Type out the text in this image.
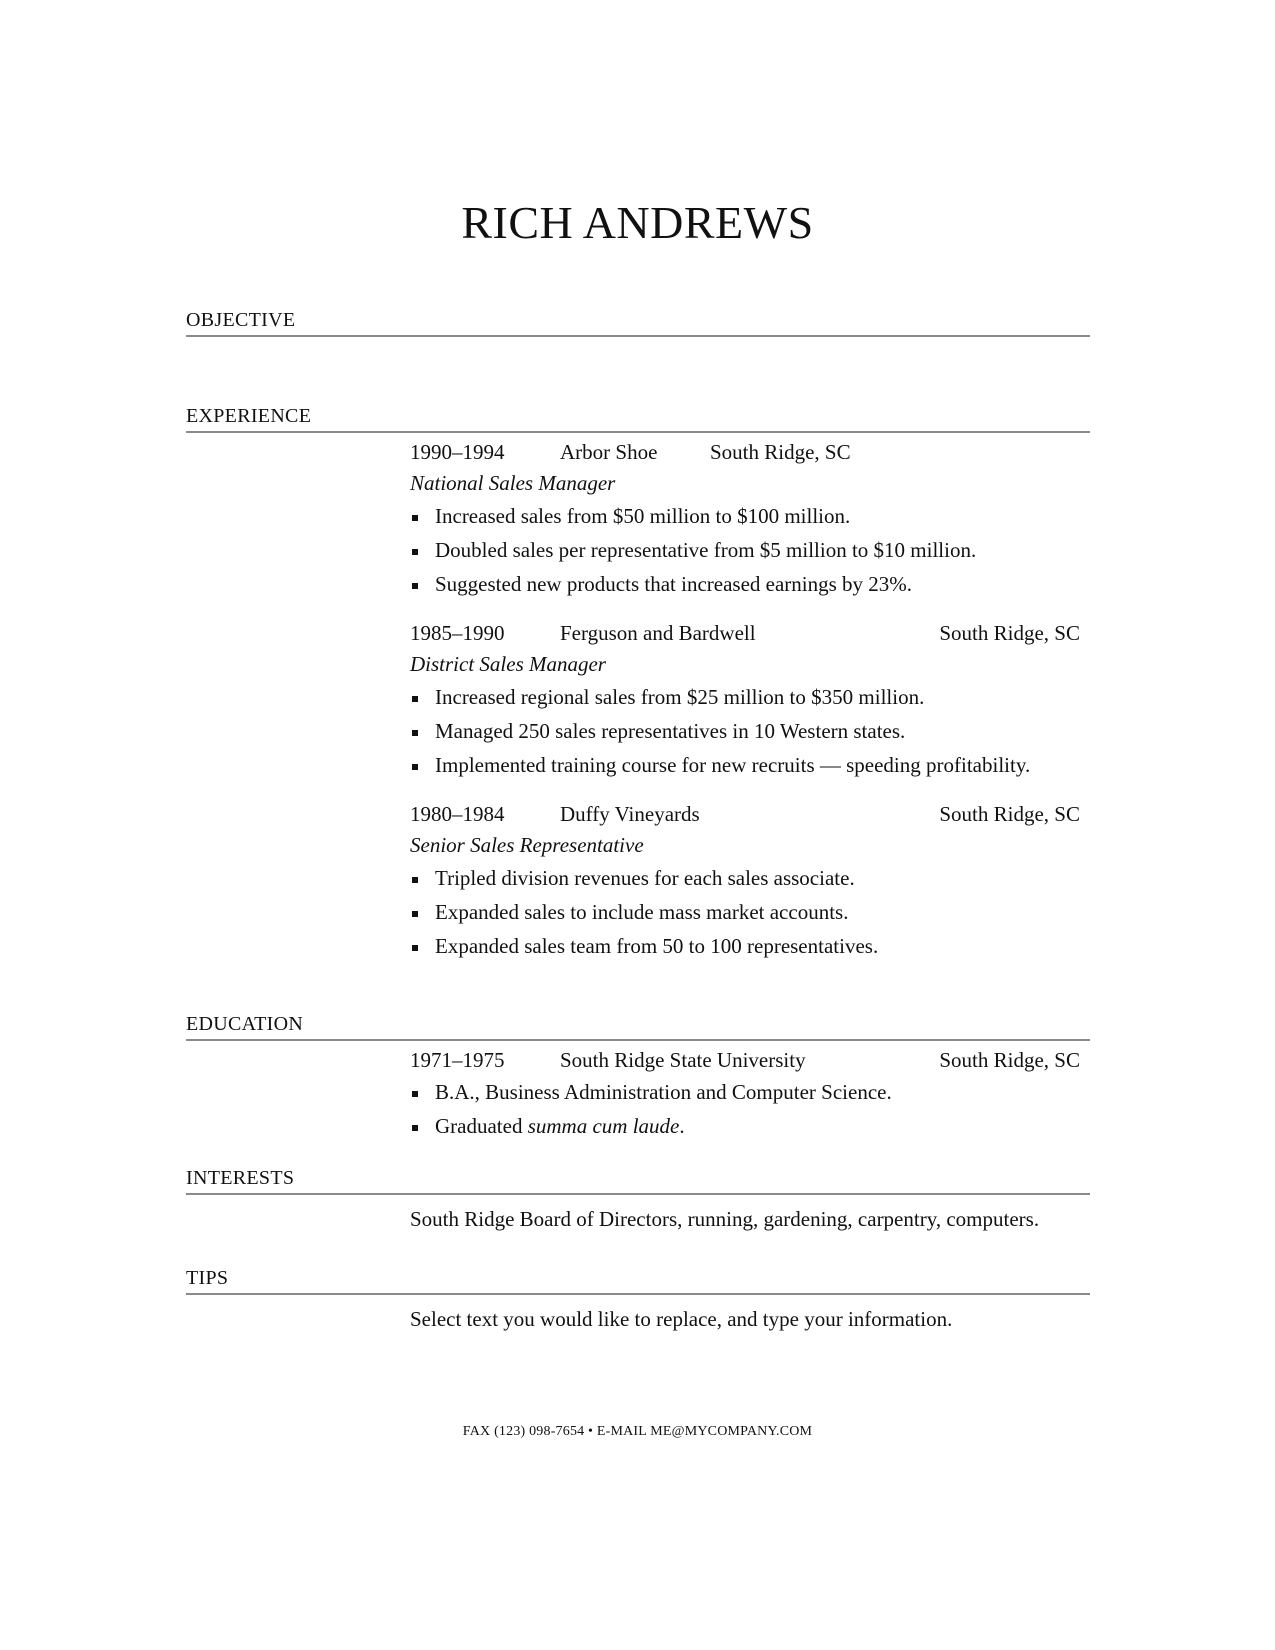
RICH ANDREWS
OBJECTIVE
EXPERIENCE
1990–1994	Arbor Shoe	South Ridge, SC
National Sales Manager
Increased sales from $50 million to $100 million.
Doubled sales per representative from $5 million to $10 million.
Suggested new products that increased earnings by 23%.
1985–1990	Ferguson and Bardwell	South Ridge, SC
District Sales Manager
Increased regional sales from $25 million to $350 million.
Managed 250 sales representatives in 10 Western states.
Implemented training course for new recruits — speeding profitability.
1980–1984	Duffy Vineyards	South Ridge, SC
Senior Sales Representative
Tripled division revenues for each sales associate.
Expanded sales to include mass market accounts.
Expanded sales team from 50 to 100 representatives.
EDUCATION
1971–1975	South Ridge State University	South Ridge, SC
B.A., Business Administration and Computer Science.
Graduated summa cum laude.
INTERESTS
South Ridge Board of Directors, running, gardening, carpentry, computers.
TIPS
Select text you would like to replace, and type your information.
FAX (123) 098-7654 • E-MAIL ME@MYCOMPANY.COM
